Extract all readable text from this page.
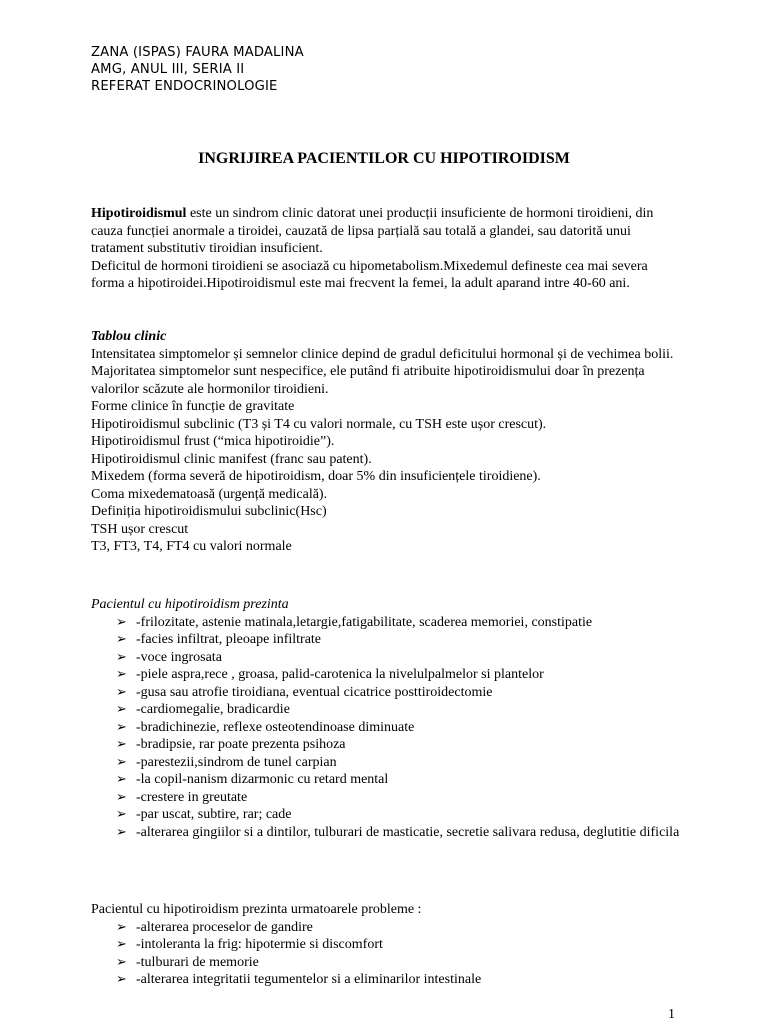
ZANA (ISPAS) FAURA MADALINA
AMG, ANUL III, SERIA II
REFERAT ENDOCRINOLOGIE
INGRIJIREA PACIENTILOR CU HIPOTIROIDISM

Hipotiroidismul este un sindrom clinic datorat unei producții insuficiente de hormoni tiroidieni, din cauza funcției anormale a tiroidei, cauzată de lipsa parțială sau totală a glandei, sau datorită unui tratament substitutiv tiroidian insuficient.

Deficitul de hormoni tiroidieni se asociază cu hipometabolism.Mixedemul defineste cea mai severa forma a hipotiroidei.Hipotiroidismul este mai frecvent la femei, la adult aparand intre 40-60 ani.

Tablou clinic

Intensitatea simptomelor și semnelor clinice depind de gradul deficitului hormonal și de vechimea bolii.

Majoritatea simptomelor sunt nespecifice, ele putând fi atribuite hipotiroidismului doar în prezența valorilor scăzute ale hormonilor tiroidieni.

Forme clinice în funcție de gravitate

Hipotiroidismul subclinic (T3 și T4 cu valori normale, cu TSH este ușor crescut).

Hipotiroidismul frust (“mica hipotiroidie”).

Hipotiroidismul clinic manifest (franc sau patent).

Mixedem (forma severă de hipotiroidism, doar 5% din insuficiențele tiroidiene).

Coma mixedematoasă (urgență medicală).

Definiția hipotiroidismului subclinic(Hsc)

TSH ușor crescut

T3, FT3, T4, FT4 cu valori normale

Pacientul cu hipotiroidism prezinta

➢ -frilozitate, astenie matinala,letargie,fatigabilitate, scaderea memoriei, constipatie
➢ -facies infiltrat, pleoape infiltrate
➢ -voce ingrosata
➢ -piele aspra,rece , groasa, palid-carotenica la nivelulpalmelor si plantelor
➢ -gusa sau atrofie tiroidiana, eventual cicatrice posttiroidectomie
➢ -cardiomegalie, bradicardie
➢ -bradichinezie, reflexe osteotendinoase diminuate
➢ -bradipsie, rar poate prezenta psihoza
➢ -parestezii,sindrom de tunel carpian
➢ -la copil-nanism dizarmonic cu retard mental
➢ -crestere in greutate
➢ -par uscat, subtire, rar; cade
➢ -alterarea gingiilor si a dintilor, tulburari de masticatie, secretie salivara redusa, deglutitie dificila

Pacientul cu hipotiroidism prezinta urmatoarele probleme :

➢ -alterarea proceselor de gandire
➢ -intoleranta la frig: hipotermie si discomfort
➢ -tulburari de memorie
➢ -alterarea integritatii tegumentelor si a eliminarilor intestinale
1
